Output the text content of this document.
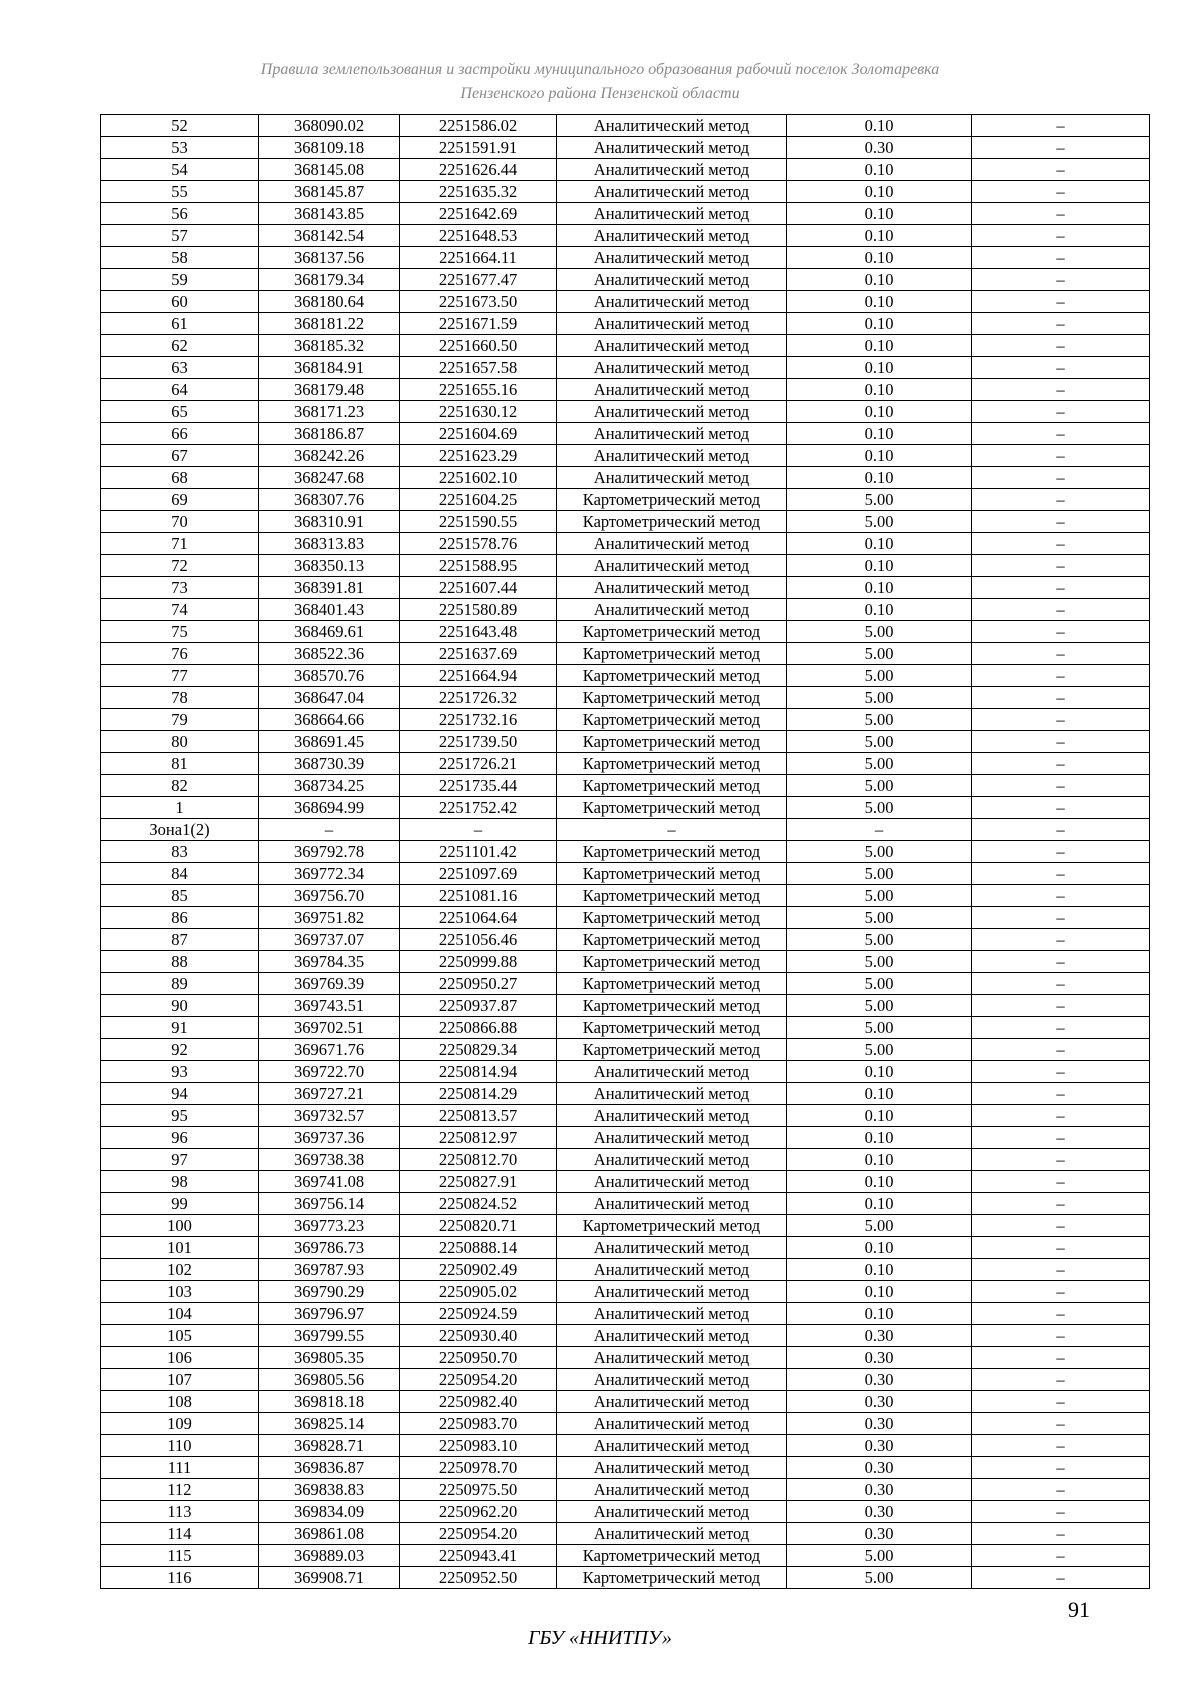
Правила землепользования и застройки муниципального образования рабочий поселок Золотаревка
Пензенского района Пензенской области
52	368090.02	2251586.02	Аналитический метод	0.10	–
53	368109.18	2251591.91	Аналитический метод	0.30	–
54	368145.08	2251626.44	Аналитический метод	0.10	–
55	368145.87	2251635.32	Аналитический метод	0.10	–
56	368143.85	2251642.69	Аналитический метод	0.10	–
57	368142.54	2251648.53	Аналитический метод	0.10	–
58	368137.56	2251664.11	Аналитический метод	0.10	–
59	368179.34	2251677.47	Аналитический метод	0.10	–
60	368180.64	2251673.50	Аналитический метод	0.10	–
61	368181.22	2251671.59	Аналитический метод	0.10	–
62	368185.32	2251660.50	Аналитический метод	0.10	–
63	368184.91	2251657.58	Аналитический метод	0.10	–
64	368179.48	2251655.16	Аналитический метод	0.10	–
65	368171.23	2251630.12	Аналитический метод	0.10	–
66	368186.87	2251604.69	Аналитический метод	0.10	–
67	368242.26	2251623.29	Аналитический метод	0.10	–
68	368247.68	2251602.10	Аналитический метод	0.10	–
69	368307.76	2251604.25	Картометрический метод	5.00	–
70	368310.91	2251590.55	Картометрический метод	5.00	–
71	368313.83	2251578.76	Аналитический метод	0.10	–
72	368350.13	2251588.95	Аналитический метод	0.10	–
73	368391.81	2251607.44	Аналитический метод	0.10	–
74	368401.43	2251580.89	Аналитический метод	0.10	–
75	368469.61	2251643.48	Картометрический метод	5.00	–
76	368522.36	2251637.69	Картометрический метод	5.00	–
77	368570.76	2251664.94	Картометрический метод	5.00	–
78	368647.04	2251726.32	Картометрический метод	5.00	–
79	368664.66	2251732.16	Картометрический метод	5.00	–
80	368691.45	2251739.50	Картометрический метод	5.00	–
81	368730.39	2251726.21	Картометрический метод	5.00	–
82	368734.25	2251735.44	Картометрический метод	5.00	–
1	368694.99	2251752.42	Картометрический метод	5.00	–
Зона1(2)	–	–	–	–	–
83	369792.78	2251101.42	Картометрический метод	5.00	–
84	369772.34	2251097.69	Картометрический метод	5.00	–
85	369756.70	2251081.16	Картометрический метод	5.00	–
86	369751.82	2251064.64	Картометрический метод	5.00	–
87	369737.07	2251056.46	Картометрический метод	5.00	–
88	369784.35	2250999.88	Картометрический метод	5.00	–
89	369769.39	2250950.27	Картометрический метод	5.00	–
90	369743.51	2250937.87	Картометрический метод	5.00	–
91	369702.51	2250866.88	Картометрический метод	5.00	–
92	369671.76	2250829.34	Картометрический метод	5.00	–
93	369722.70	2250814.94	Аналитический метод	0.10	–
94	369727.21	2250814.29	Аналитический метод	0.10	–
95	369732.57	2250813.57	Аналитический метод	0.10	–
96	369737.36	2250812.97	Аналитический метод	0.10	–
97	369738.38	2250812.70	Аналитический метод	0.10	–
98	369741.08	2250827.91	Аналитический метод	0.10	–
99	369756.14	2250824.52	Аналитический метод	0.10	–
100	369773.23	2250820.71	Картометрический метод	5.00	–
101	369786.73	2250888.14	Аналитический метод	0.10	–
102	369787.93	2250902.49	Аналитический метод	0.10	–
103	369790.29	2250905.02	Аналитический метод	0.10	–
104	369796.97	2250924.59	Аналитический метод	0.10	–
105	369799.55	2250930.40	Аналитический метод	0.30	–
106	369805.35	2250950.70	Аналитический метод	0.30	–
107	369805.56	2250954.20	Аналитический метод	0.30	–
108	369818.18	2250982.40	Аналитический метод	0.30	–
109	369825.14	2250983.70	Аналитический метод	0.30	–
110	369828.71	2250983.10	Аналитический метод	0.30	–
111	369836.87	2250978.70	Аналитический метод	0.30	–
112	369838.83	2250975.50	Аналитический метод	0.30	–
113	369834.09	2250962.20	Аналитический метод	0.30	–
114	369861.08	2250954.20	Аналитический метод	0.30	–
115	369889.03	2250943.41	Картометрический метод	5.00	–
116	369908.71	2250952.50	Картометрический метод	5.00	–
91
ГБУ «ННИТПУ»
